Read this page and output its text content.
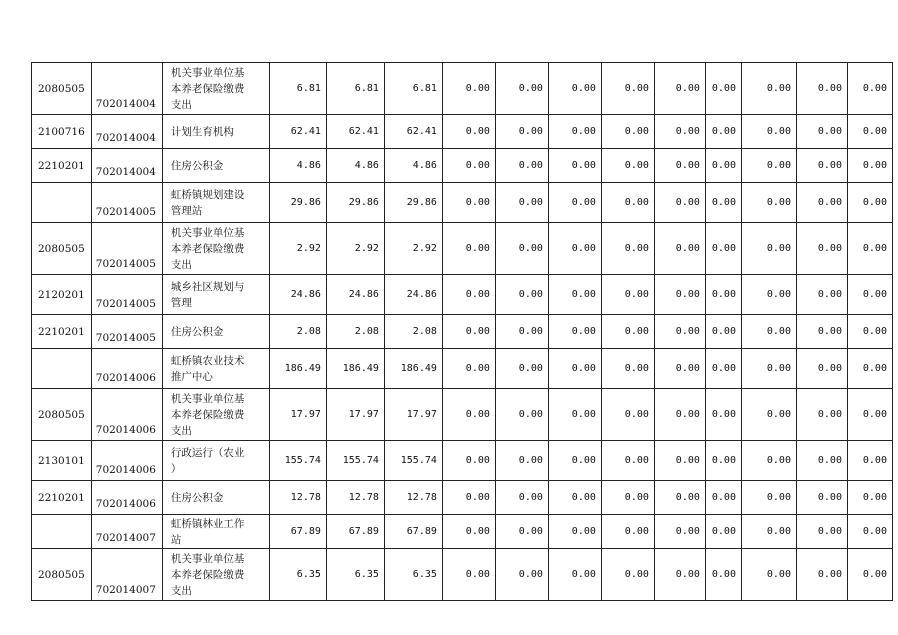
2080505	702014004	机关事业单位基
本养老保险缴费
支出	6.81	6.81	6.81	0.00	0.00	0.00	0.00	0.00	0.00	0.00	0.00	0.00
2100716	702014004	计划生育机构	62.41	62.41	62.41	0.00	0.00	0.00	0.00	0.00	0.00	0.00	0.00	0.00
2210201	702014004	住房公积金	4.86	4.86	4.86	0.00	0.00	0.00	0.00	0.00	0.00	0.00	0.00	0.00
	702014005	虹桥镇规划建设
管理站	29.86	29.86	29.86	0.00	0.00	0.00	0.00	0.00	0.00	0.00	0.00	0.00
2080505	702014005	机关事业单位基
本养老保险缴费
支出	2.92	2.92	2.92	0.00	0.00	0.00	0.00	0.00	0.00	0.00	0.00	0.00
2120201	702014005	城乡社区规划与
管理	24.86	24.86	24.86	0.00	0.00	0.00	0.00	0.00	0.00	0.00	0.00	0.00
2210201	702014005	住房公积金	2.08	2.08	2.08	0.00	0.00	0.00	0.00	0.00	0.00	0.00	0.00	0.00
	702014006	虹桥镇农业技术
推广中心	186.49	186.49	186.49	0.00	0.00	0.00	0.00	0.00	0.00	0.00	0.00	0.00
2080505	702014006	机关事业单位基
本养老保险缴费
支出	17.97	17.97	17.97	0.00	0.00	0.00	0.00	0.00	0.00	0.00	0.00	0.00
2130101	702014006	行政运行（农业
）	155.74	155.74	155.74	0.00	0.00	0.00	0.00	0.00	0.00	0.00	0.00	0.00
2210201	702014006	住房公积金	12.78	12.78	12.78	0.00	0.00	0.00	0.00	0.00	0.00	0.00	0.00	0.00
	702014007	虹桥镇林业工作
站	67.89	67.89	67.89	0.00	0.00	0.00	0.00	0.00	0.00	0.00	0.00	0.00
2080505	702014007	机关事业单位基
本养老保险缴费
支出	6.35	6.35	6.35	0.00	0.00	0.00	0.00	0.00	0.00	0.00	0.00	0.00
